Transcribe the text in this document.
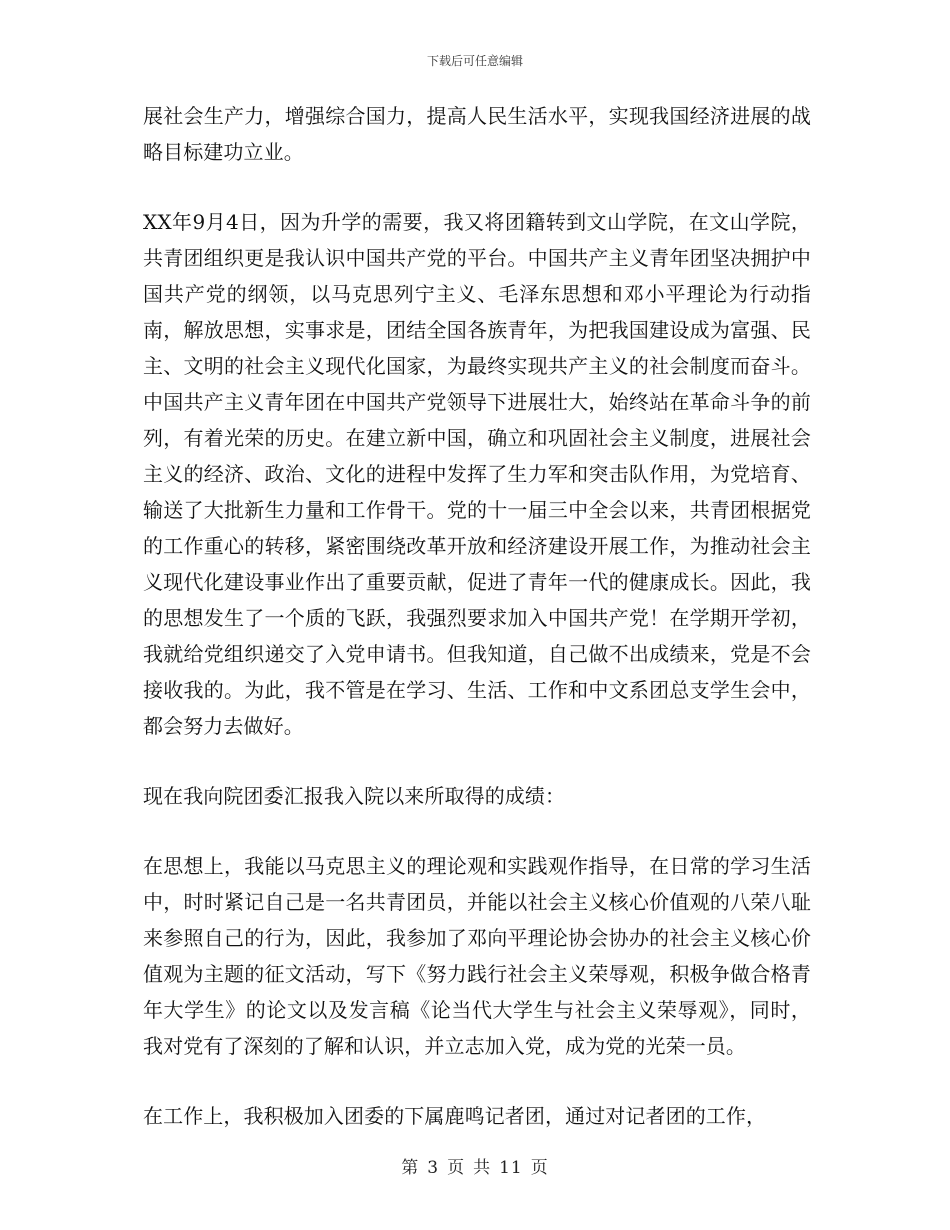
下载后可任意编辑

展社会生产力，增强综合国力，提高人民生活水平，实现我国经济进展的战略目标建功立业。

XX年9月4日，因为升学的需要，我又将团籍转到文山学院，在文山学院，共青团组织更是我认识中国共产党的平台。中国共产主义青年团坚决拥护中国共产党的纲领，以马克思列宁主义、毛泽东思想和邓小平理论为行动指南，解放思想，实事求是，团结全国各族青年，为把我国建设成为富强、民主、文明的社会主义现代化国家，为最终实现共产主义的社会制度而奋斗。中国共产主义青年团在中国共产党领导下进展壮大，始终站在革命斗争的前列，有着光荣的历史。在建立新中国，确立和巩固社会主义制度，进展社会主义的经济、政治、文化的进程中发挥了生力军和突击队作用，为党培育、输送了大批新生力量和工作骨干。党的十一届三中全会以来，共青团根据党的工作重心的转移，紧密围绕改革开放和经济建设开展工作，为推动社会主义现代化建设事业作出了重要贡献，促进了青年一代的健康成长。因此，我的思想发生了一个质的飞跃，我强烈要求加入中国共产党！在学期开学初，我就给党组织递交了入党申请书。但我知道，自己做不出成绩来，党是不会接收我的。为此，我不管是在学习、生活、工作和中文系团总支学生会中，都会努力去做好。

现在我向院团委汇报我入院以来所取得的成绩：

在思想上，我能以马克思主义的理论观和实践观作指导，在日常的学习生活中，时时紧记自己是一名共青团员，并能以社会主义核心价值观的八荣八耻来参照自己的行为，因此，我参加了邓向平理论协会协办的社会主义核心价值观为主题的征文活动，写下《努力践行社会主义荣辱观，积极争做合格青年大学生》的论文以及发言稿《论当代大学生与社会主义荣辱观》，同时，我对党有了深刻的了解和认识，并立志加入党，成为党的光荣一员。

在工作上，我积极加入团委的下属鹿鸣记者团，通过对记者团的工作，

第 3 页 共 11 页
